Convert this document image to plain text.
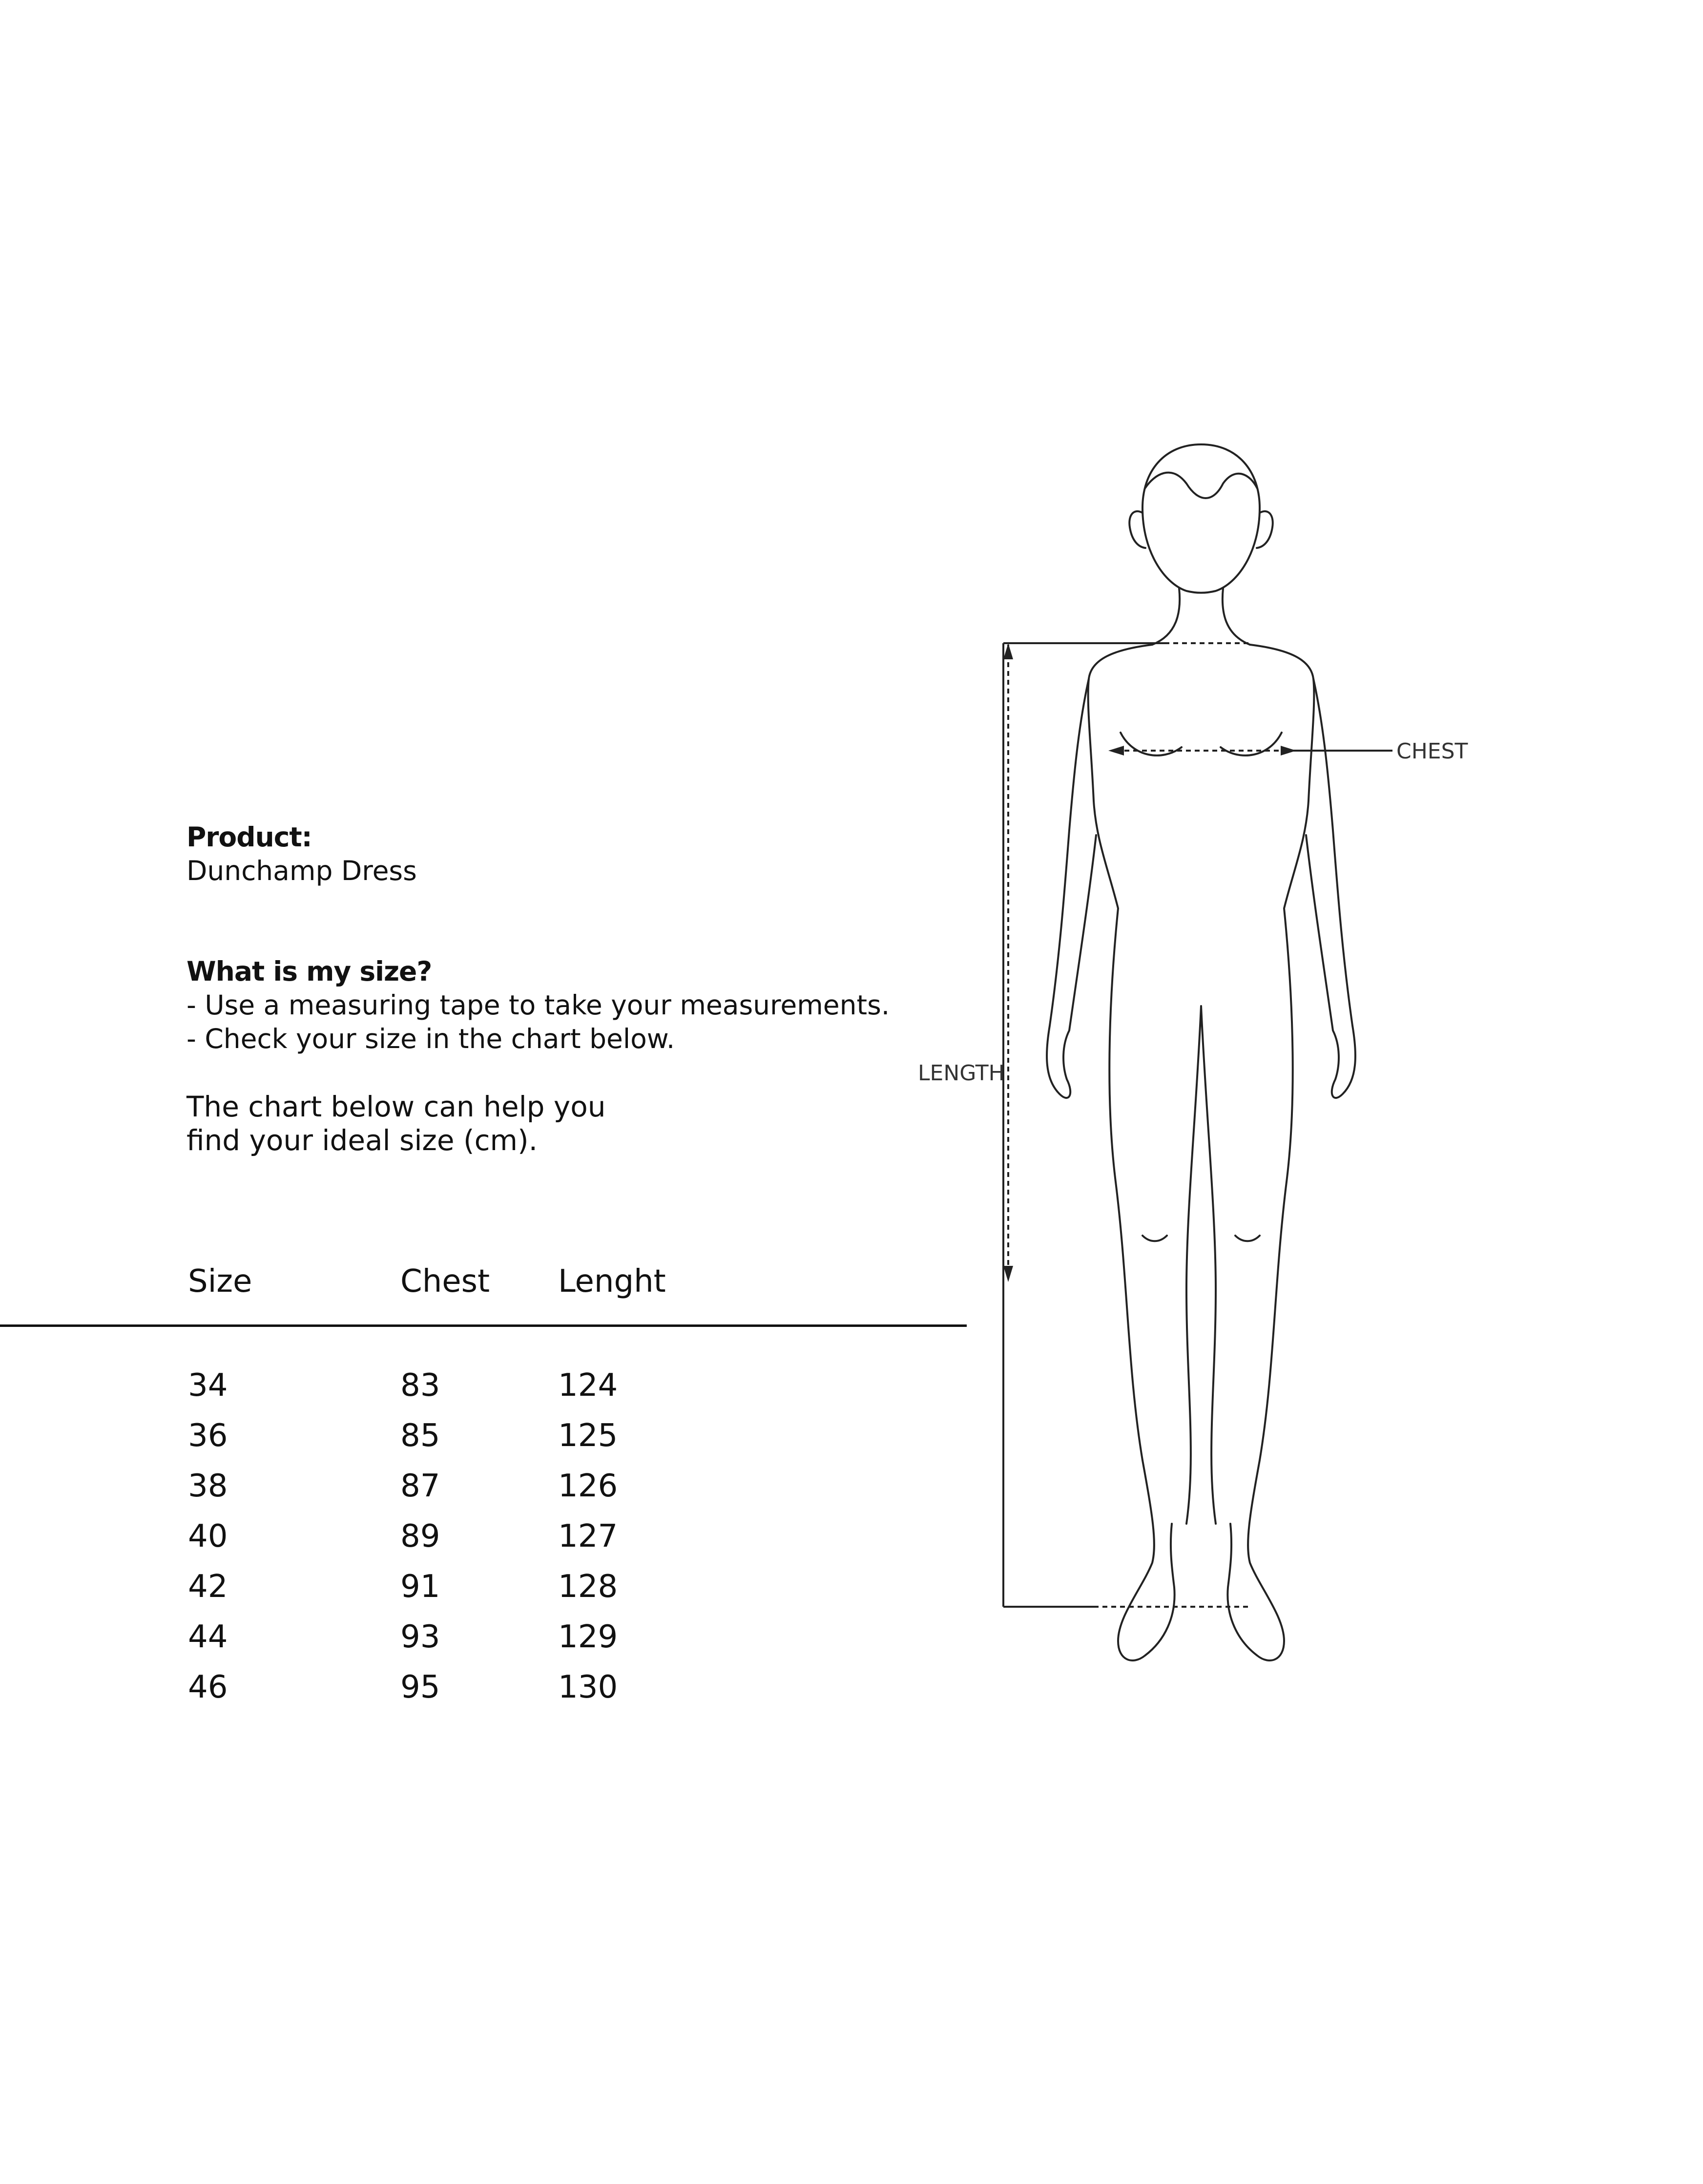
Product:
Dunchamp Dress
What is my size?
- Use a measuring tape to take your measurements.
- Check your size in the chart below.
The chart below can help you
find your ideal size (cm).
Size	Chest Lenght
34	83	124
36	85	125
38	87	126
40	89	127
42	91	128
44	93	129
46	95	130
CHEST
LENGTH
